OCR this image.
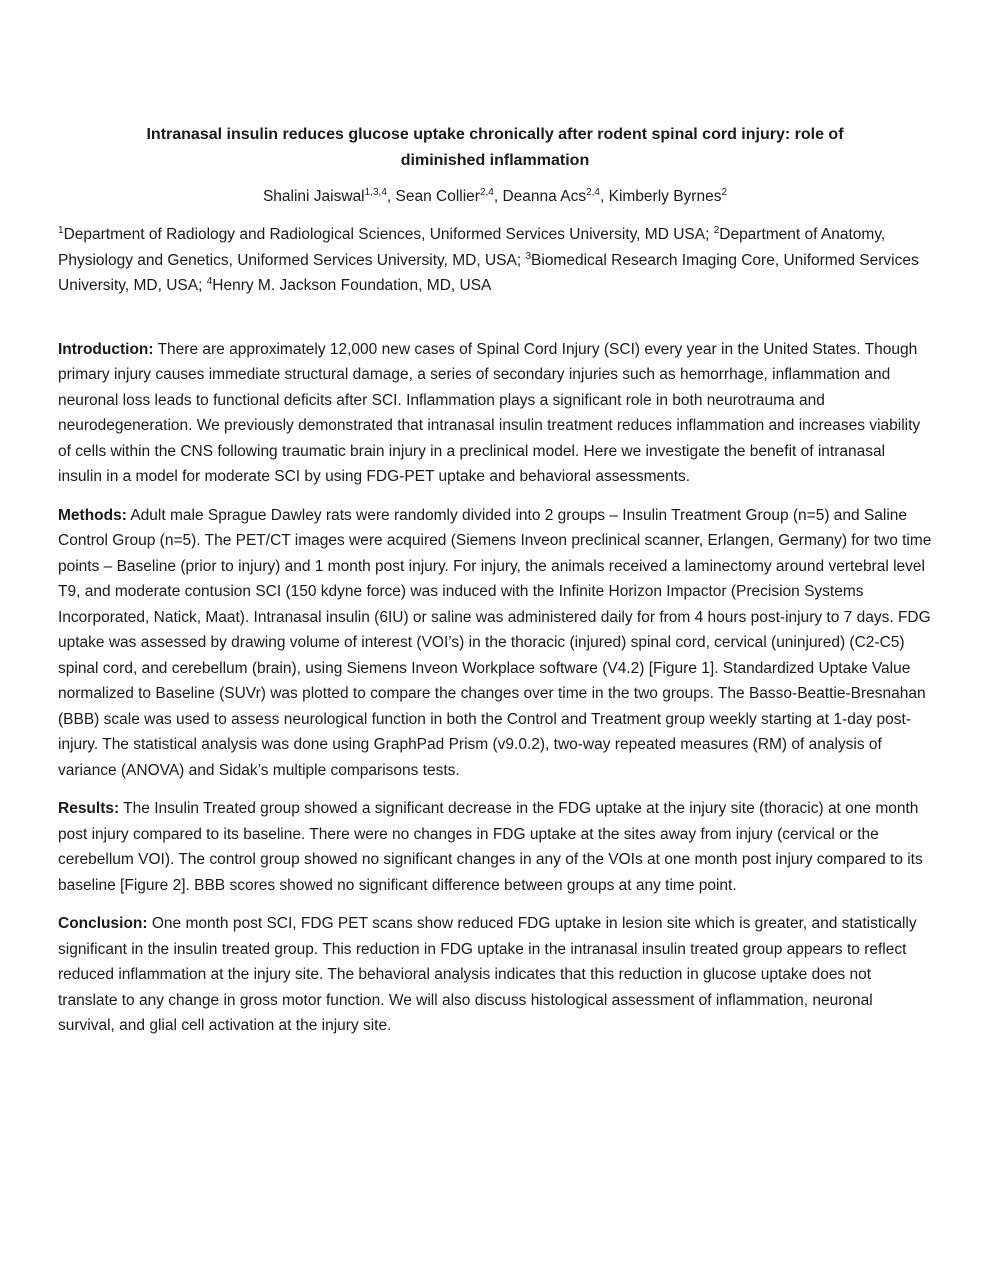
Intranasal insulin reduces glucose uptake chronically after rodent spinal cord injury: role of
diminished inflammation
Shalini Jaiswal$^{1,3,4}$, Sean Collier$^{2,4}$, Deanna Acs$^{2,4}$, Kimberly Byrnes$^2$
$^1$Department of Radiology and Radiological Sciences, Uniformed Services University, MD USA; $^2$Department of Anatomy, Physiology and Genetics, Uniformed Services University, MD, USA; $^3$Biomedical Research Imaging Core, Uniformed Services University, MD, USA; $^4$Henry M. Jackson Foundation, MD, USA

Introduction: There are approximately 12,000 new cases of Spinal Cord Injury (SCI) every year in the United States. Though primary injury causes immediate structural damage, a series of secondary injuries such as hemorrhage, inflammation and neuronal loss leads to functional deficits after SCI. Inflammation plays a significant role in both neurotrauma and neurodegeneration. We previously demonstrated that intranasal insulin treatment reduces inflammation and increases viability of cells within the CNS following traumatic brain injury in a preclinical model. Here we investigate the benefit of intranasal insulin in a model for moderate SCI by using FDG-PET uptake and behavioral assessments.

Methods: Adult male Sprague Dawley rats were randomly divided into 2 groups – Insulin Treatment Group (n=5) and Saline Control Group (n=5). The PET/CT images were acquired (Siemens Inveon preclinical scanner, Erlangen, Germany) for two time points – Baseline (prior to injury) and 1 month post injury. For injury, the animals received a laminectomy around vertebral level T9, and moderate contusion SCI (150 kdyne force) was induced with the Infinite Horizon Impactor (Precision Systems Incorporated, Natick, Maat). Intranasal insulin (6IU) or saline was administered daily for from 4 hours post-injury to 7 days. FDG uptake was assessed by drawing volume of interest (VOI’s) in the thoracic (injured) spinal cord, cervical (uninjured) (C2-C5) spinal cord, and cerebellum (brain), using Siemens Inveon Workplace software (V4.2) [Figure 1]. Standardized Uptake Value normalized to Baseline (SUVr) was plotted to compare the changes over time in the two groups. The Basso-Beattie-Bresnahan (BBB) scale was used to assess neurological function in both the Control and Treatment group weekly starting at 1-day post-injury. The statistical analysis was done using GraphPad Prism (v9.0.2), two-way repeated measures (RM) of analysis of variance (ANOVA) and Sidak’s multiple comparisons tests.

Results: The Insulin Treated group showed a significant decrease in the FDG uptake at the injury site (thoracic) at one month post injury compared to its baseline. There were no changes in FDG uptake at the sites away from injury (cervical or the cerebellum VOI). The control group showed no significant changes in any of the VOIs at one month post injury compared to its baseline [Figure 2]. BBB scores showed no significant difference between groups at any time point.

Conclusion: One month post SCI, FDG PET scans show reduced FDG uptake in lesion site which is greater, and statistically significant in the insulin treated group. This reduction in FDG uptake in the intranasal insulin treated group appears to reflect reduced inflammation at the injury site. The behavioral analysis indicates that this reduction in glucose uptake does not translate to any change in gross motor function. We will also discuss histological assessment of inflammation, neuronal survival, and glial cell activation at the injury site.
